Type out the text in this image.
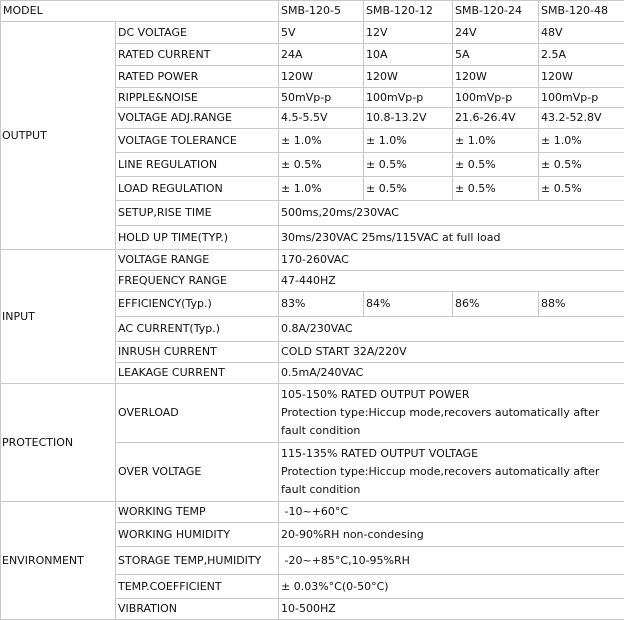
MODEL		SMB-120-5	SMB-120-12	SMB-120-24	SMB-120-48
OUTPUT	DC VOLTAGE	5V	12V	24V	48V
	RATED CURRENT	24A	10A	5A	2.5A
	RATED POWER	120W	120W	120W	120W
	RIPPLE&NOISE	50mVp-p	100mVp-p	100mVp-p	100mVp-p
	VOLTAGE ADJ.RANGE	4.5-5.5V	10.8-13.2V	21.6-26.4V	43.2-52.8V
	VOLTAGE TOLERANCE	± 1.0%	± 1.0%	± 1.0%	± 1.0%
	LINE REGULATION	± 0.5%	± 0.5%	± 0.5%	± 0.5%
	LOAD REGULATION	± 1.0%	± 0.5%	± 0.5%	± 0.5%
	SETUP,RISE TIME	500ms,20ms/230VAC			
	HOLD UP TIME(TYP.)	30ms/230VAC 25ms/115VAC at full load			
INPUT	VOLTAGE RANGE	170-260VAC			
	FREQUENCY RANGE	47-440HZ			
	EFFICIENCY(Typ.)	83%	84%	86%	88%
	AC CURRENT(Typ.)	0.8A/230VAC			
	INRUSH CURRENT	COLD START 32A/220V			
	LEAKAGE CURRENT	0.5mA/240VAC			
PROTECTION	OVERLOAD	105-150% RATED OUTPUT POWER
Protection type:Hiccup mode,recovers automatically after fault condition			

	OVER VOLTAGE	115-135% RATED OUTPUT VOLTAGE
Protection type:Hiccup mode,recovers automatically after fault condition			

ENVIRONMENT	WORKING TEMP	-10~+60°C			
	WORKING HUMIDITY	20-90%RH non-condesing			
	STORAGE TEMP,HUMIDITY	-20~+85°C,10-95%RH			
	TEMP.COEFFICIENT	± 0.03%°C(0-50°C)			
	VIBRATION	10-500HZ			
